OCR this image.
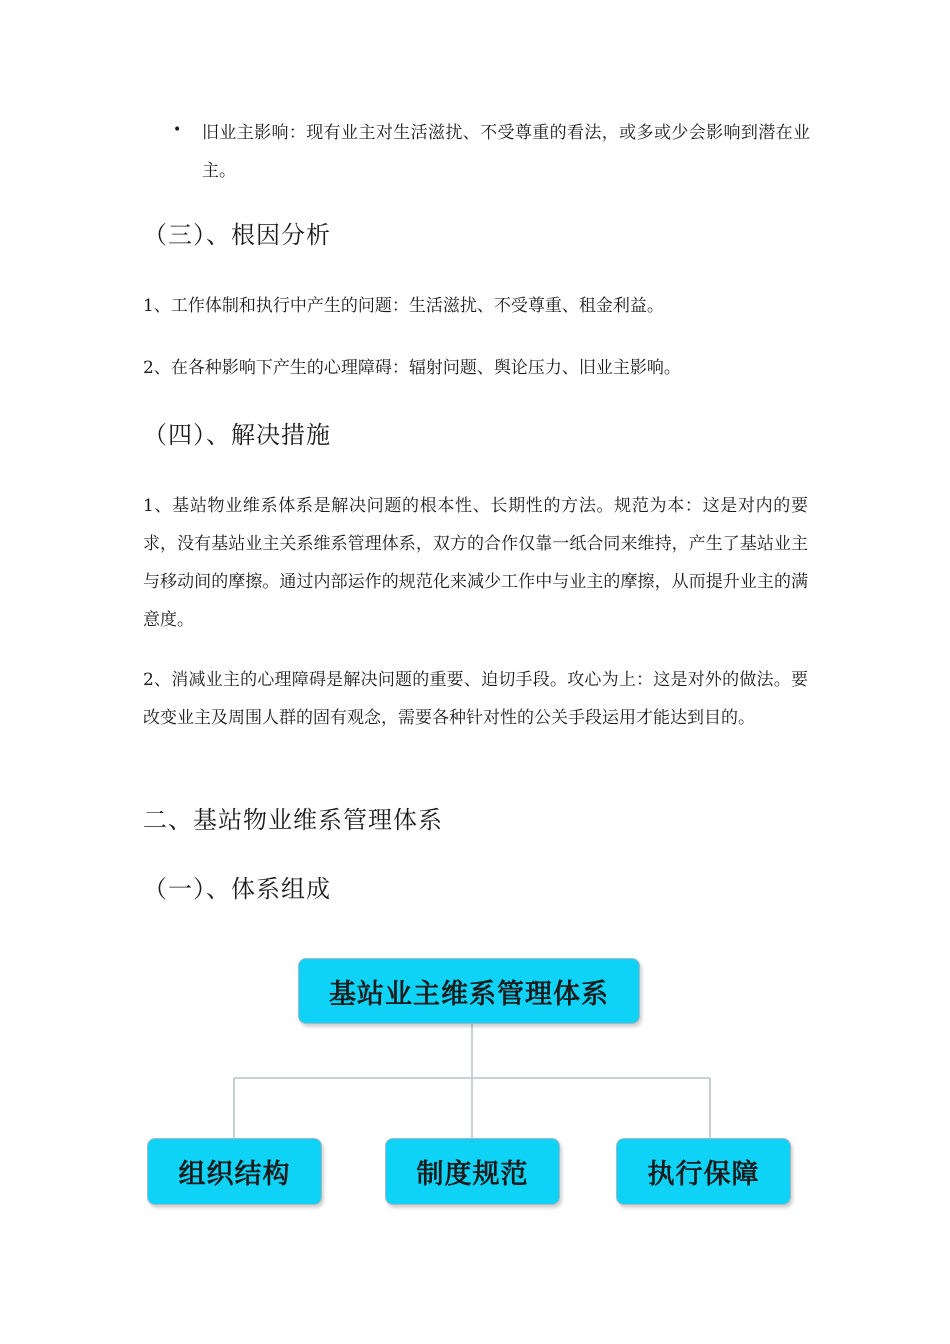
• 旧业主影响：现有业主对生活滋扰、不受尊重的看法，或多或少会影响到潜在业主。
（三）、根因分析
1、工作体制和执行中产生的问题：生活滋扰、不受尊重、租金利益。
2、在各种影响下产生的心理障碍：辐射问题、舆论压力、旧业主影响。
（四）、解决措施
1、基站物业维系体系是解决问题的根本性、长期性的方法。规范为本：这是对内的要求，没有基站业主关系维系管理体系，双方的合作仅靠一纸合同来维持，产生了基站业主与移动间的摩擦。通过内部运作的规范化来减少工作中与业主的摩擦，从而提升业主的满意度。
2、消减业主的心理障碍是解决问题的重要、迫切手段。攻心为上：这是对外的做法。要改变业主及周围人群的固有观念，需要各种针对性的公关手段运用才能达到目的。
二、基站物业维系管理体系
（一）、体系组成
基站业主维系管理体系
组织结构	制度规范	执行保障
